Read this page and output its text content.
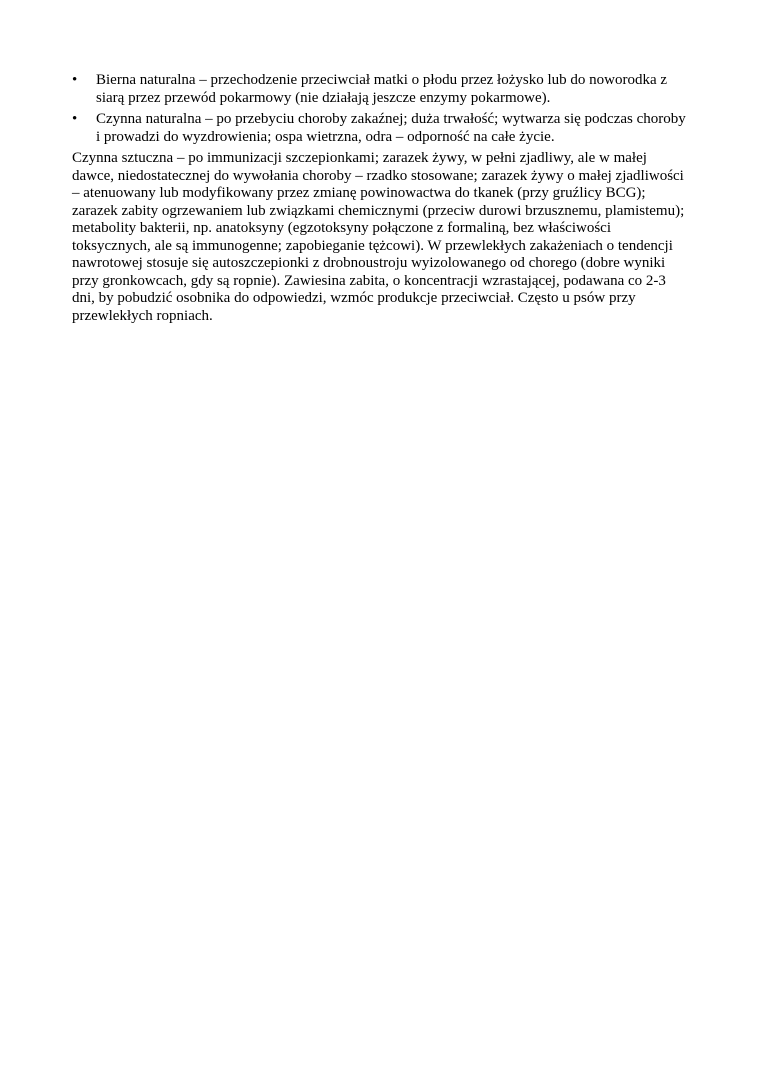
•	Bierna naturalna – przechodzenie przeciwciał matki o płodu przez łożysko lub do noworodka z siarą przez przewód pokarmowy (nie działają jeszcze enzymy pokarmowe).
•	Czynna naturalna – po przebyciu choroby zakaźnej; duża trwałość; wytwarza się podczas choroby i prowadzi do wyzdrowienia; ospa wietrzna, odra – odporność na całe życie.

Czynna sztuczna – po immunizacji szczepionkami; zarazek żywy, w pełni zjadliwy, ale w małej dawce, niedostatecznej do wywołania choroby – rzadko stosowane; zarazek żywy o małej zjadliwości – atenuowany lub modyfikowany przez zmianę powinowactwa do tkanek (przy gruźlicy BCG); zarazek zabity ogrzewaniem lub związkami chemicznymi (przeciw durowi brzusznemu, plamistemu); metabolity bakterii, np. anatoksyny (egzotoksyny połączone z formaliną, bez właściwości toksycznych, ale są immunogenne; zapobieganie tężcowi). W przewlekłych zakażeniach o tendencji nawrotowej stosuje się autoszczepionki z drobnoustroju wyizolowanego od chorego (dobre wyniki przy gronkowcach, gdy są ropnie). Zawiesina zabita, o koncentracji wzrastającej, podawana co 2-3 dni, by pobudzić osobnika do odpowiedzi, wzmóc produkcje przeciwciał. Często u psów przy przewlekłych ropniach.
